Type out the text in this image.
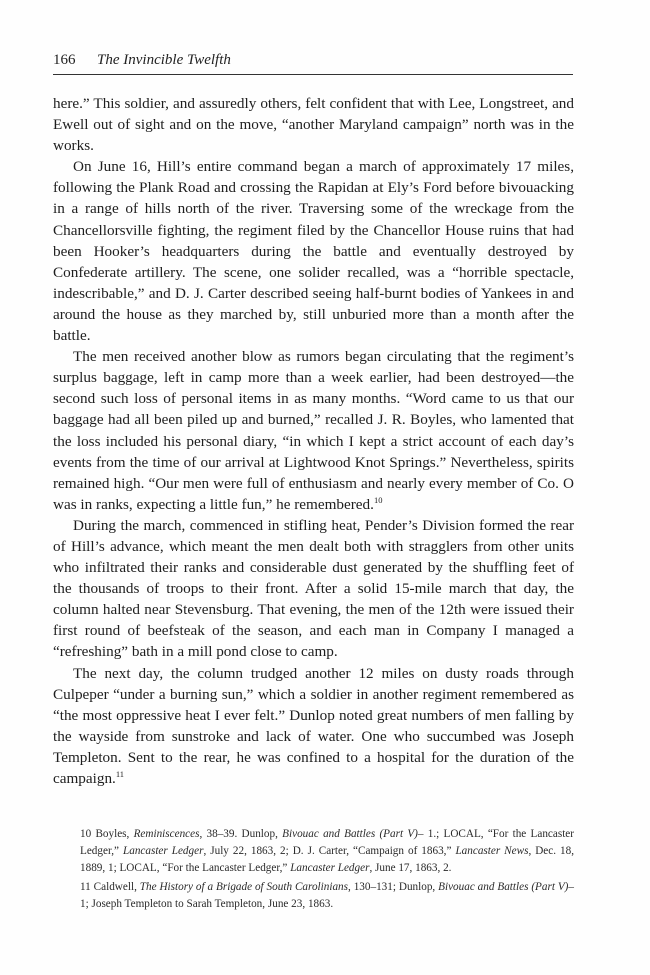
166 The Invincible Twelfth

here.” This soldier, and assuredly others, felt confident that with Lee, Longstreet, and Ewell out of sight and on the move, “another Maryland campaign” north was in the works.

On June 16, Hill’s entire command began a march of approximately 17 miles, following the Plank Road and crossing the Rapidan at Ely’s Ford before bivouacking in a range of hills north of the river. Traversing some of the wreckage from the Chancellorsville fighting, the regiment filed by the Chancellor House ruins that had been Hooker’s headquarters during the battle and eventually destroyed by Confederate artillery. The scene, one solider recalled, was a “horrible spectacle, indescribable,” and D. J. Carter described seeing half-burnt bodies of Yankees in and around the house as they marched by, still unburied more than a month after the battle.

The men received another blow as rumors began circulating that the regiment’s surplus baggage, left in camp more than a week earlier, had been destroyed—the second such loss of personal items in as many months. “Word came to us that our baggage had all been piled up and burned,” recalled J. R. Boyles, who lamented that the loss included his personal diary, “in which I kept a strict account of each day’s events from the time of our arrival at Lightwood Knot Springs.” Nevertheless, spirits remained high. “Our men were full of enthusiasm and nearly every member of Co. O was in ranks, expecting a little fun,” he remembered.$^{10}$

During the march, commenced in stifling heat, Pender’s Division formed the rear of Hill’s advance, which meant the men dealt both with stragglers from other units who infiltrated their ranks and considerable dust generated by the shuffling feet of the thousands of troops to their front. After a solid 15-mile march that day, the column halted near Stevensburg. That evening, the men of the 12th were issued their first round of beefsteak of the season, and each man in Company I managed a “refreshing” bath in a mill pond close to camp.

The next day, the column trudged another 12 miles on dusty roads through Culpeper “under a burning sun,” which a soldier in another regiment remembered as “the most oppressive heat I ever felt.” Dunlop noted great numbers of men falling by the wayside from sunstroke and lack of water. One who succumbed was Joseph Templeton. Sent to the rear, he was confined to a hospital for the duration of the campaign.$^{11}$

10 Boyles, Reminiscences, 38–39. Dunlop, Bivouac and Battles (Part V)– 1.; LOCAL, “For the Lancaster Ledger,” Lancaster Ledger, July 22, 1863, 2; D. J. Carter, “Campaign of 1863,” Lancaster News, Dec. 18, 1889, 1; LOCAL, “For the Lancaster Ledger,” Lancaster Ledger, June 17, 1863, 2.

11 Caldwell, The History of a Brigade of South Carolinians, 130–131; Dunlop, Bivouac and Battles (Part V)– 1; Joseph Templeton to Sarah Templeton, June 23, 1863.
